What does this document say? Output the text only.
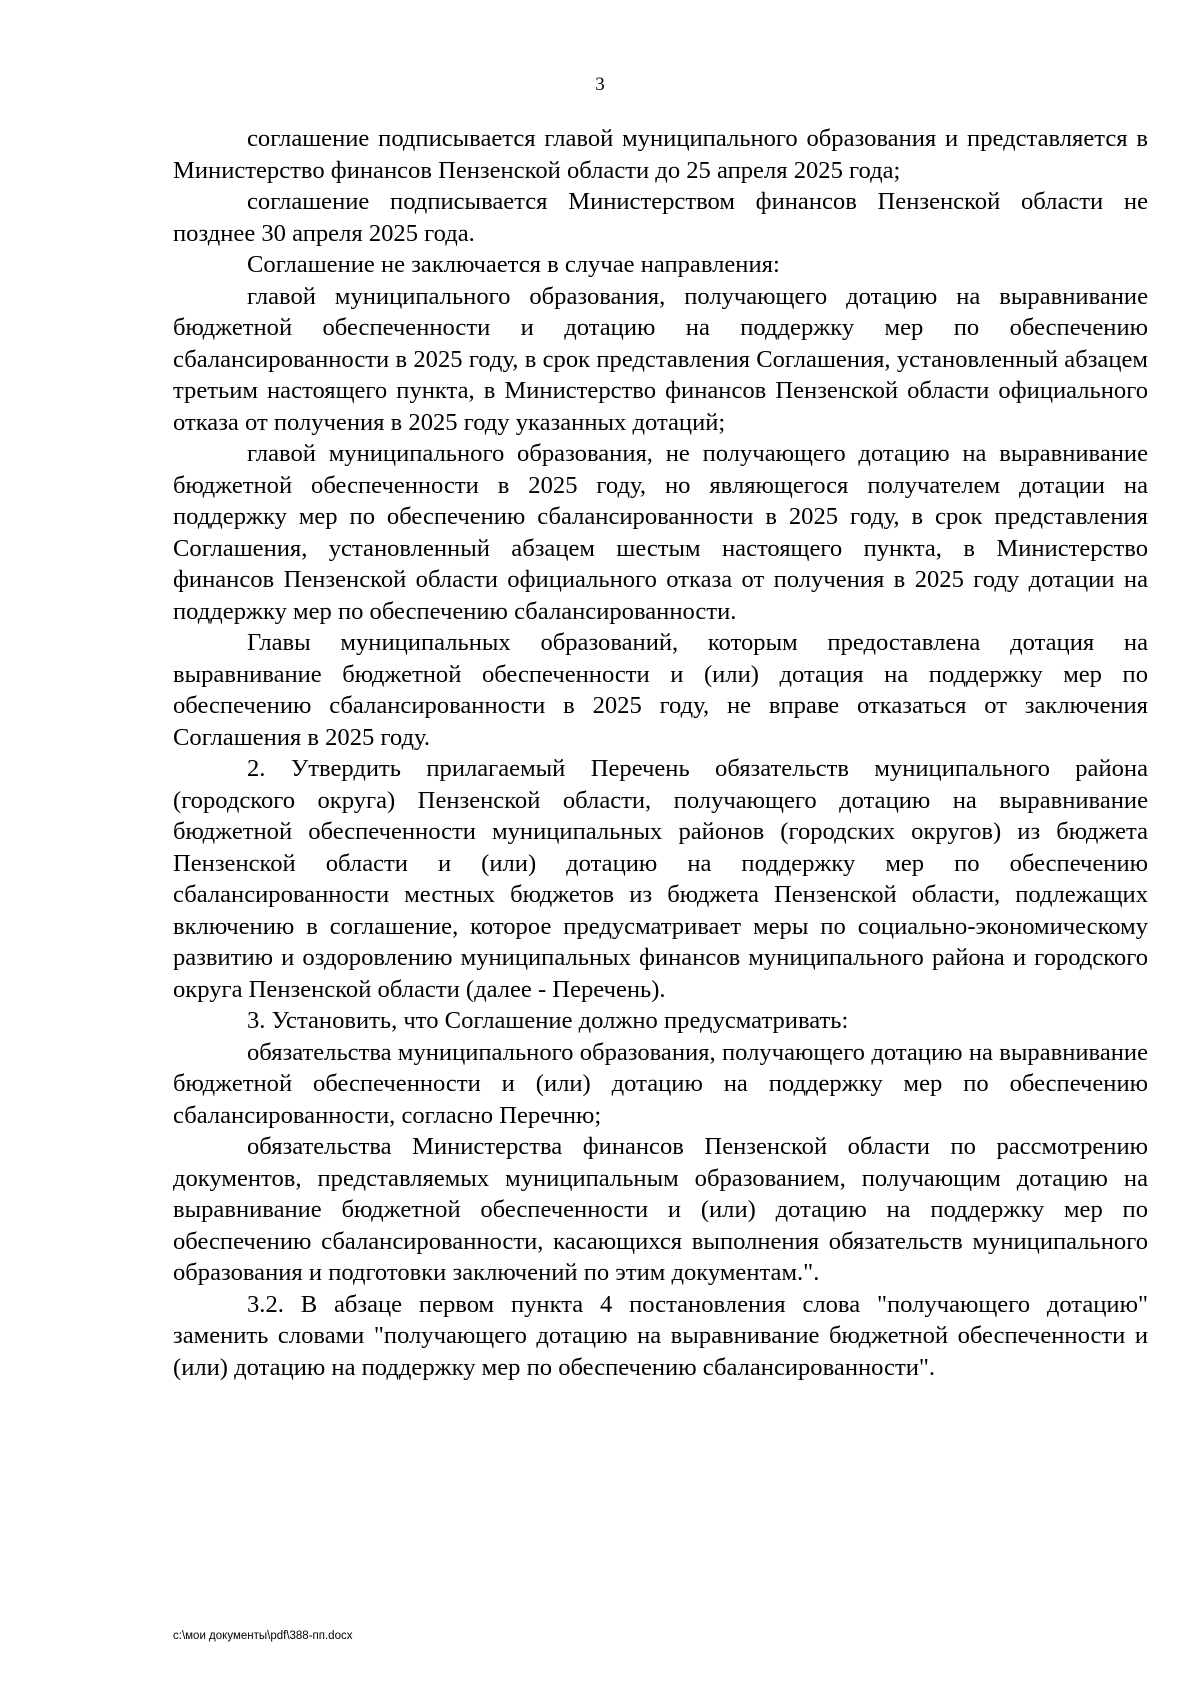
3

соглашение подписывается главой муниципального образования и представляется в Министерство финансов Пензенской области до 25 апреля 2025 года;

соглашение подписывается Министерством финансов Пензенской области не позднее 30 апреля 2025 года.

Соглашение не заключается в случае направления:

главой муниципального образования, получающего дотацию на выравнивание бюджетной обеспеченности и дотацию на поддержку мер по обеспечению сбалансированности в 2025 году, в срок представления Соглашения, установленный абзацем третьим настоящего пункта, в Министерство финансов Пензенской области официального отказа от получения в 2025 году указанных дотаций;

главой муниципального образования, не получающего дотацию на выравнивание бюджетной обеспеченности в 2025 году, но являющегося получателем дотации на поддержку мер по обеспечению сбалансированности в 2025 году, в срок представления Соглашения, установленный абзацем шестым настоящего пункта, в Министерство финансов Пензенской области официального отказа от получения в 2025 году дотации на поддержку мер по обеспечению сбалансированности.

Главы муниципальных образований, которым предоставлена дотация на выравнивание бюджетной обеспеченности и (или) дотация на поддержку мер по обеспечению сбалансированности в 2025 году, не вправе отказаться от заключения Соглашения в 2025 году.

2. Утвердить прилагаемый Перечень обязательств муниципального района (городского округа) Пензенской области, получающего дотацию на выравнивание бюджетной обеспеченности муниципальных районов (городских округов) из бюджета Пензенской области и (или) дотацию на поддержку мер по обеспечению сбалансированности местных бюджетов из бюджета Пензенской области, подлежащих включению в соглашение, которое предусматривает меры по социально-экономическому развитию и оздоровлению муниципальных финансов муниципального района и городского округа Пензенской области (далее - Перечень).

3. Установить, что Соглашение должно предусматривать:

обязательства муниципального образования, получающего дотацию на выравнивание бюджетной обеспеченности и (или) дотацию на поддержку мер по обеспечению сбалансированности, согласно Перечню;

обязательства Министерства финансов Пензенской области по рассмотрению документов, представляемых муниципальным образованием, получающим дотацию на выравнивание бюджетной обеспеченности и (или) дотацию на поддержку мер по обеспечению сбалансированности, касающихся выполнения обязательств муниципального образования и подготовки заключений по этим документам.".

3.2. В абзаце первом пункта 4 постановления слова "получающего дотацию" заменить словами "получающего дотацию на выравнивание бюджетной обеспеченности и (или) дотацию на поддержку мер по обеспечению сбалансированности".

c:\мои документы\pdf\388-пп.docx
